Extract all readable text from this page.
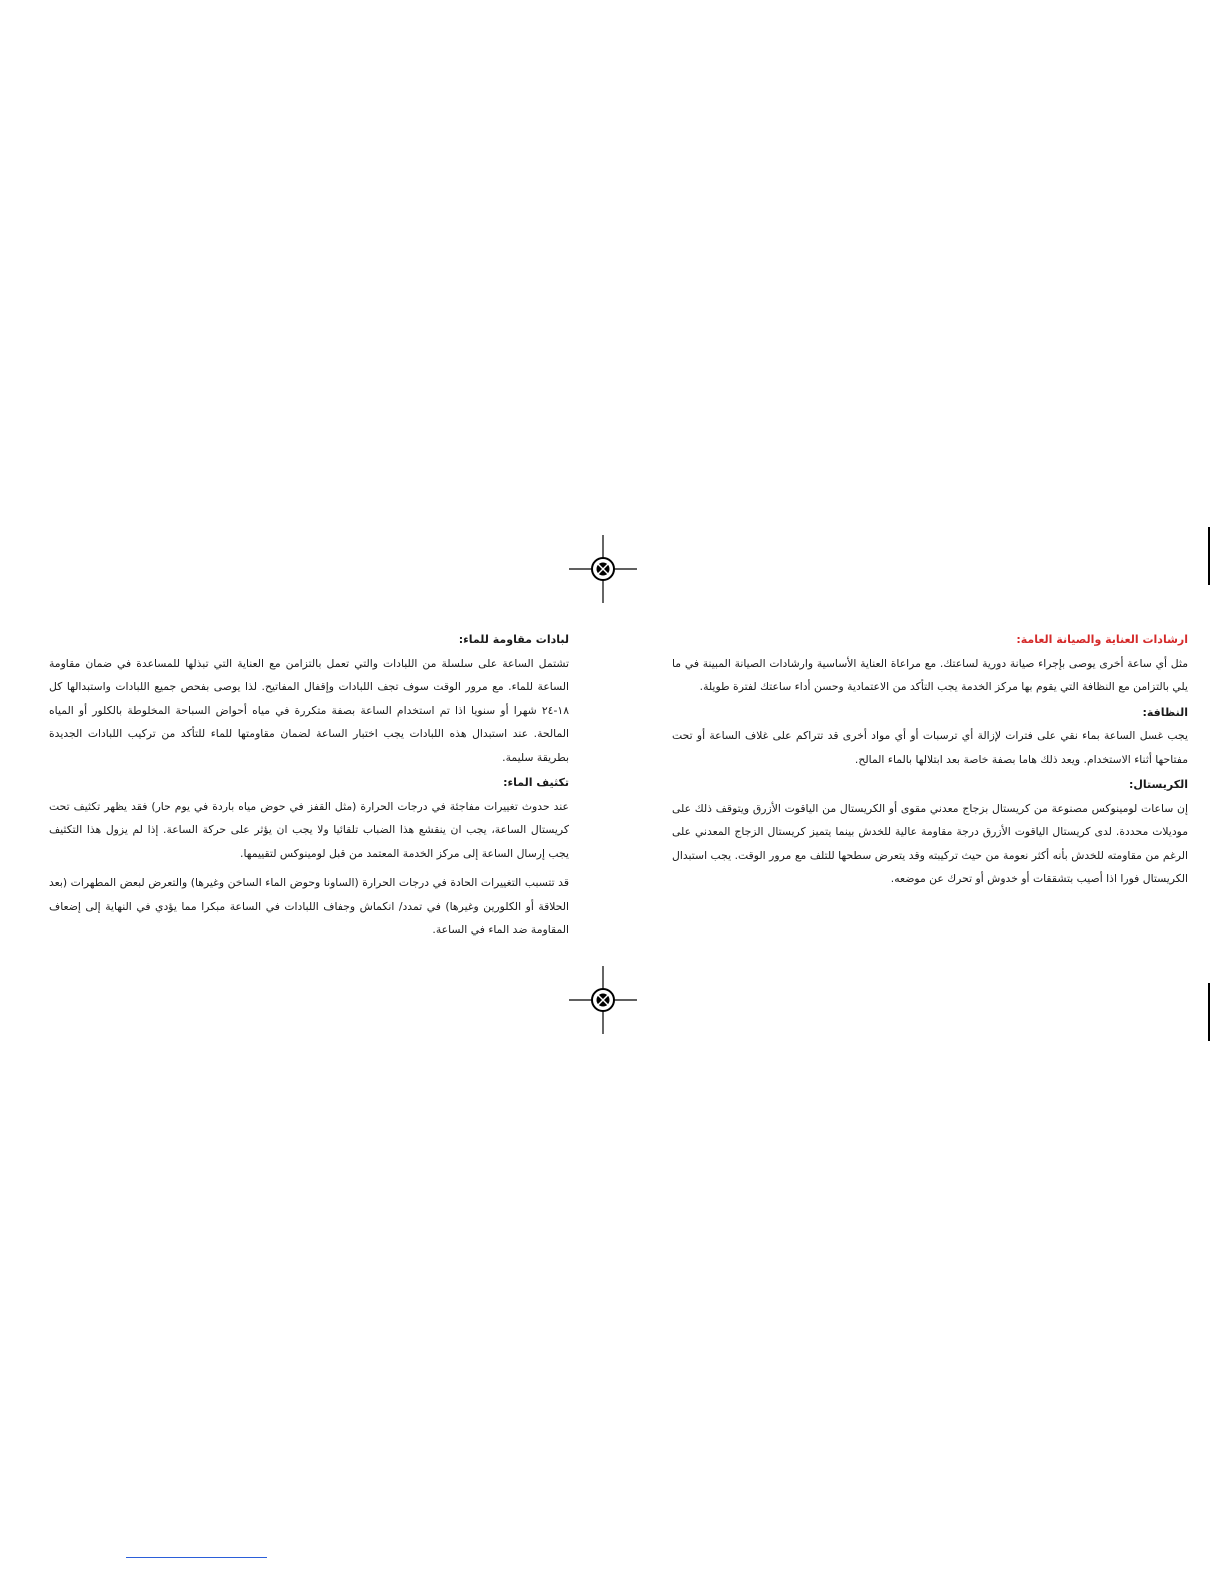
ارشادات العناية والصيانة العامة:

مثل أي ساعة أخرى يوصى بإجراء صيانة دورية لساعتك. مع مراعاة العناية الأساسية وارشادات الصيانة المبينة في ما يلي بالتزامن مع النظافة التي يقوم بها مركز الخدمة يجب التأكد من الاعتمادية وحسن أداء ساعتك لفترة طويلة.

النظافة:

يجب غسل الساعة بماء نقي على فترات لإزالة أي ترسبات أو أي مواد أخرى قد تتراكم على غلاف الساعة أو تحت مفتاحها أثناء الاستخدام. ويعد ذلك هاما بصفة خاصة بعد ابتلالها بالماء المالح.

الكريستال:

إن ساعات لومينوكس مصنوعة من كريستال بزجاج معدني مقوى أو الكريستال من الياقوت الأزرق ويتوقف ذلك على موديلات محددة. لدى كريستال الياقوت الأزرق درجة مقاومة عالية للخدش بينما يتميز كريستال الزجاج المعدني على الرغم من مقاومته للخدش بأنه أكثر نعومة من حيث تركيبته وقد يتعرض سطحها للتلف مع مرور الوقت. يجب استبدال الكريستال فورا اذا أصيب بتشققات أو خدوش أو تحرك عن موضعه.

لبادات مقاومة للماء:

تشتمل الساعة على سلسلة من اللبادات والتي تعمل بالتزامن مع العناية التي تبذلها للمساعدة في ضمان مقاومة الساعة للماء. مع مرور الوقت سوف تجف اللبادات وإقفال المفاتيح. لذا يوصى بفحص جميع اللبادات واستبدالها كل ١٨-٢٤ شهرا أو سنويا اذا تم استخدام الساعة بصفة متكررة في مياه أحواض السباحة المخلوطة بالكلور أو المياه المالحة. عند استبدال هذه اللبادات يجب اختبار الساعة لضمان مقاومتها للماء للتأكد من تركيب اللبادات الجديدة بطريقة سليمة.

تكثيف الماء:

عند حدوث تغييرات مفاجئة في درجات الحرارة (مثل القفز في حوض مياه باردة في يوم حار) فقد يظهر تكثيف تحت كريستال الساعة، يجب ان ينقشع هذا الضباب تلقائيا ولا يجب ان يؤثر على حركة الساعة. إذا لم يزول هذا التكثيف يجب إرسال الساعة إلى مركز الخدمة المعتمد من قبل لومينوكس لتقييمها.

قد تتسبب التغييرات الحادة في درجات الحرارة (الساونا وحوض الماء الساخن وغيرها) والتعرض لبعض المطهرات (بعد الحلاقة أو الكلورين وغيرها) في تمدد/ انكماش وجفاف اللبادات في الساعة مبكرا مما يؤدي في النهاية إلى إضعاف المقاومة ضد الماء في الساعة.
